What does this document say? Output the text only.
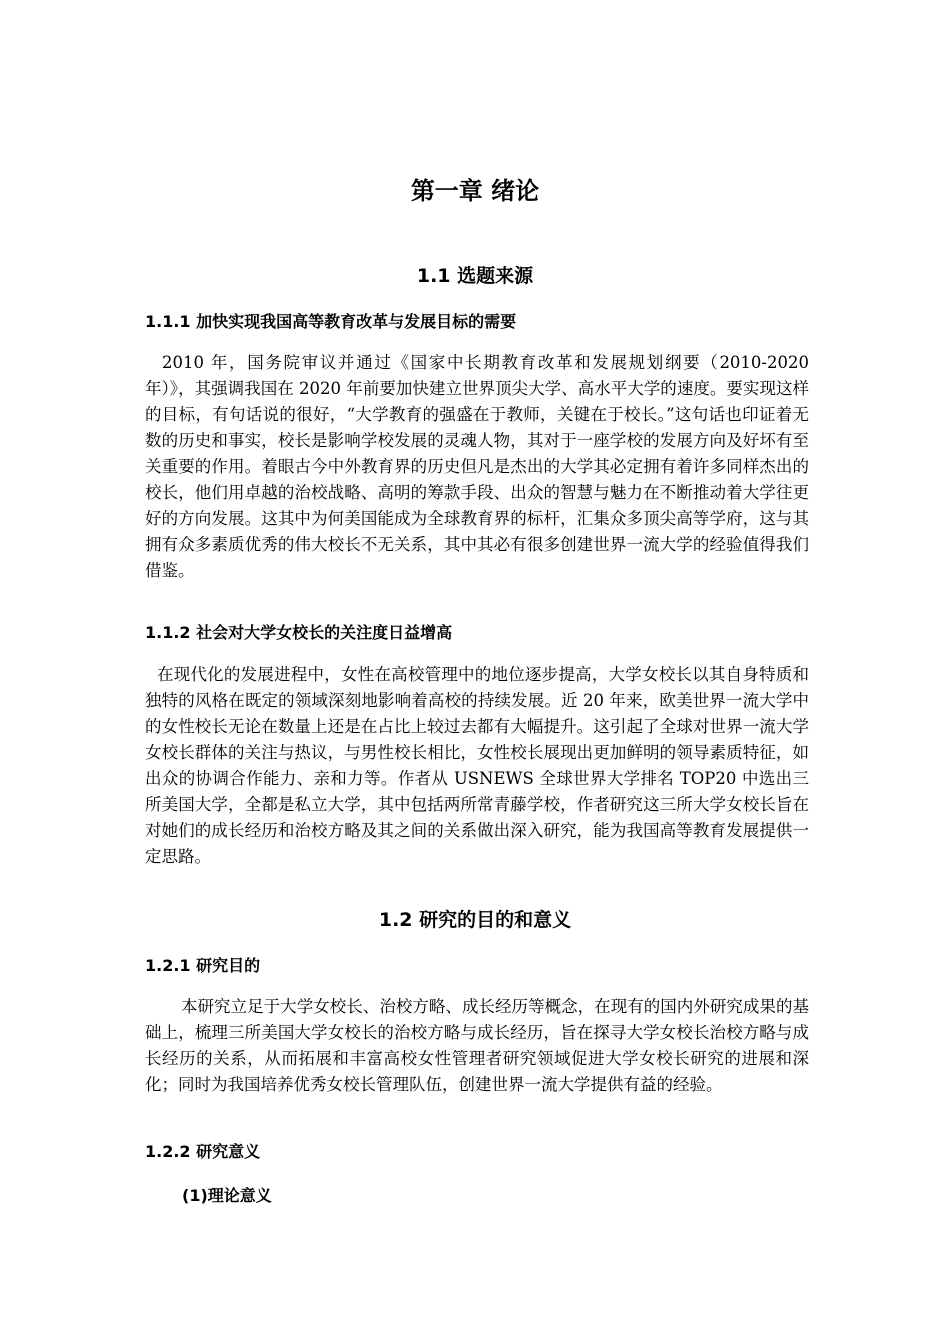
第一章 绪论
1.1 选题来源
1.1.1 加快实现我国高等教育改革与发展目标的需要

2010 年，国务院审议并通过《国家中长期教育改革和发展规划纲要（2010-2020 年）》，其强调我国在 2020 年前要加快建立世界顶尖大学、高水平大学的速度。要实现这样的目标，有句话说的很好，“大学教育的强盛在于教师，关键在于校长。”这句话也印证着无数的历史和事实，校长是影响学校发展的灵魂人物，其对于一座学校的发展方向及好坏有至关重要的作用。着眼古今中外教育界的历史但凡是杰出的大学其必定拥有着许多同样杰出的校长，他们用卓越的治校战略、高明的筹款手段、出众的智慧与魅力在不断推动着大学往更好的方向发展。这其中为何美国能成为全球教育界的标杆，汇集众多顶尖高等学府，这与其拥有众多素质优秀的伟大校长不无关系，其中其必有很多创建世界一流大学的经验值得我们借鉴。

1.1.2 社会对大学女校长的关注度日益增高

在现代化的发展进程中，女性在高校管理中的地位逐步提高，大学女校长以其自身特质和独特的风格在既定的领域深刻地影响着高校的持续发展。近 20 年来，欧美世界一流大学中的女性校长无论在数量上还是在占比上较过去都有大幅提升。这引起了全球对世界一流大学女校长群体的关注与热议，与男性校长相比，女性校长展现出更加鲜明的领导素质特征，如出众的协调合作能力、亲和力等。作者从 USNEWS 全球世界大学排名 TOP20 中选出三所美国大学，全都是私立大学，其中包括两所常青藤学校，作者研究这三所大学女校长旨在对她们的成长经历和治校方略及其之间的关系做出深入研究，能为我国高等教育发展提供一定思路。

1.2 研究的目的和意义
1.2.1 研究目的

本研究立足于大学女校长、治校方略、成长经历等概念，在现有的国内外研究成果的基础上，梳理三所美国大学女校长的治校方略与成长经历，旨在探寻大学女校长治校方略与成长经历的关系，从而拓展和丰富高校女性管理者研究领域促进大学女校长研究的进展和深化；同时为我国培养优秀女校长管理队伍，创建世界一流大学提供有益的经验。

1.2.2 研究意义
(1)理论意义
